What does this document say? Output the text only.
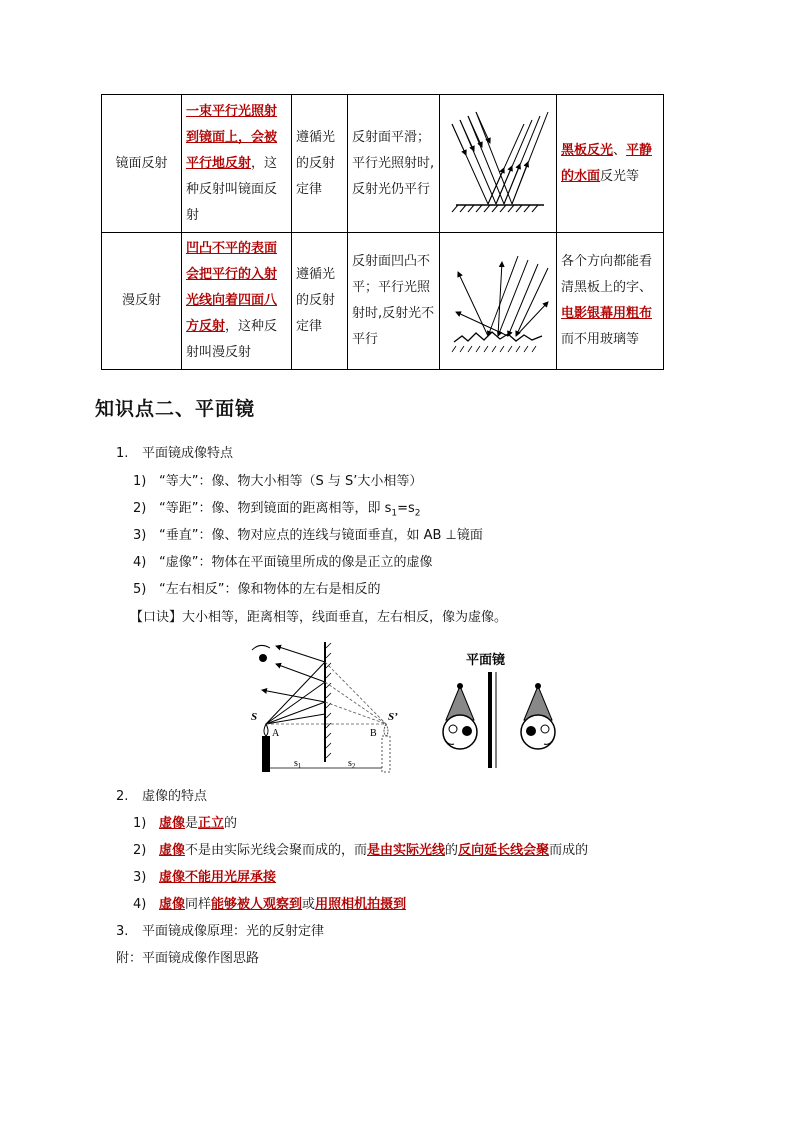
镜面反射	一束平行光照射到镜面上，会被平行地反射，这种反射叫镜面反射	遵循光的反射定律	反射面平滑；平行光照射时,反射光仍平行		黑板反光、平静的水面反光等
漫反射	凹凸不平的表面会把平行的入射光线向着四面八方反射，这种反射叫漫反射	遵循光的反射定律	反射面凹凸不平；平行光照射时,反射光不平行		各个方向都能看清黑板上的字、电影银幕用粗布而不用玻璃等
知识点二、平面镜
1. 平面镜成像特点
1) “等大”：像、物大小相等（S 与 S’大小相等）
2) “等距”：像、物到镜面的距离相等，即 $s_1=s_2$
3) “垂直”：像、物对应点的连线与镜面垂直，如 AB ⊥镜面
4) “虚像”：物体在平面镜里所成的像是正立的虚像
5) “左右相反”：像和物体的左右是相反的
【口诀】大小相等，距离相等，线面垂直，左右相反，像为虚像。
S	S’
A	B
$s_1$	$s_2$
平面镜
2. 虚像的特点
1) 虚像是正立的
2) 虚像不是由实际光线会聚而成的，而是由实际光线的反向延长线会聚而成的
3) 虚像不能用光屏承接
4) 虚像同样能够被人观察到或用照相机拍摄到
3. 平面镜成像原理：光的反射定律
附：平面镜成像作图思路
